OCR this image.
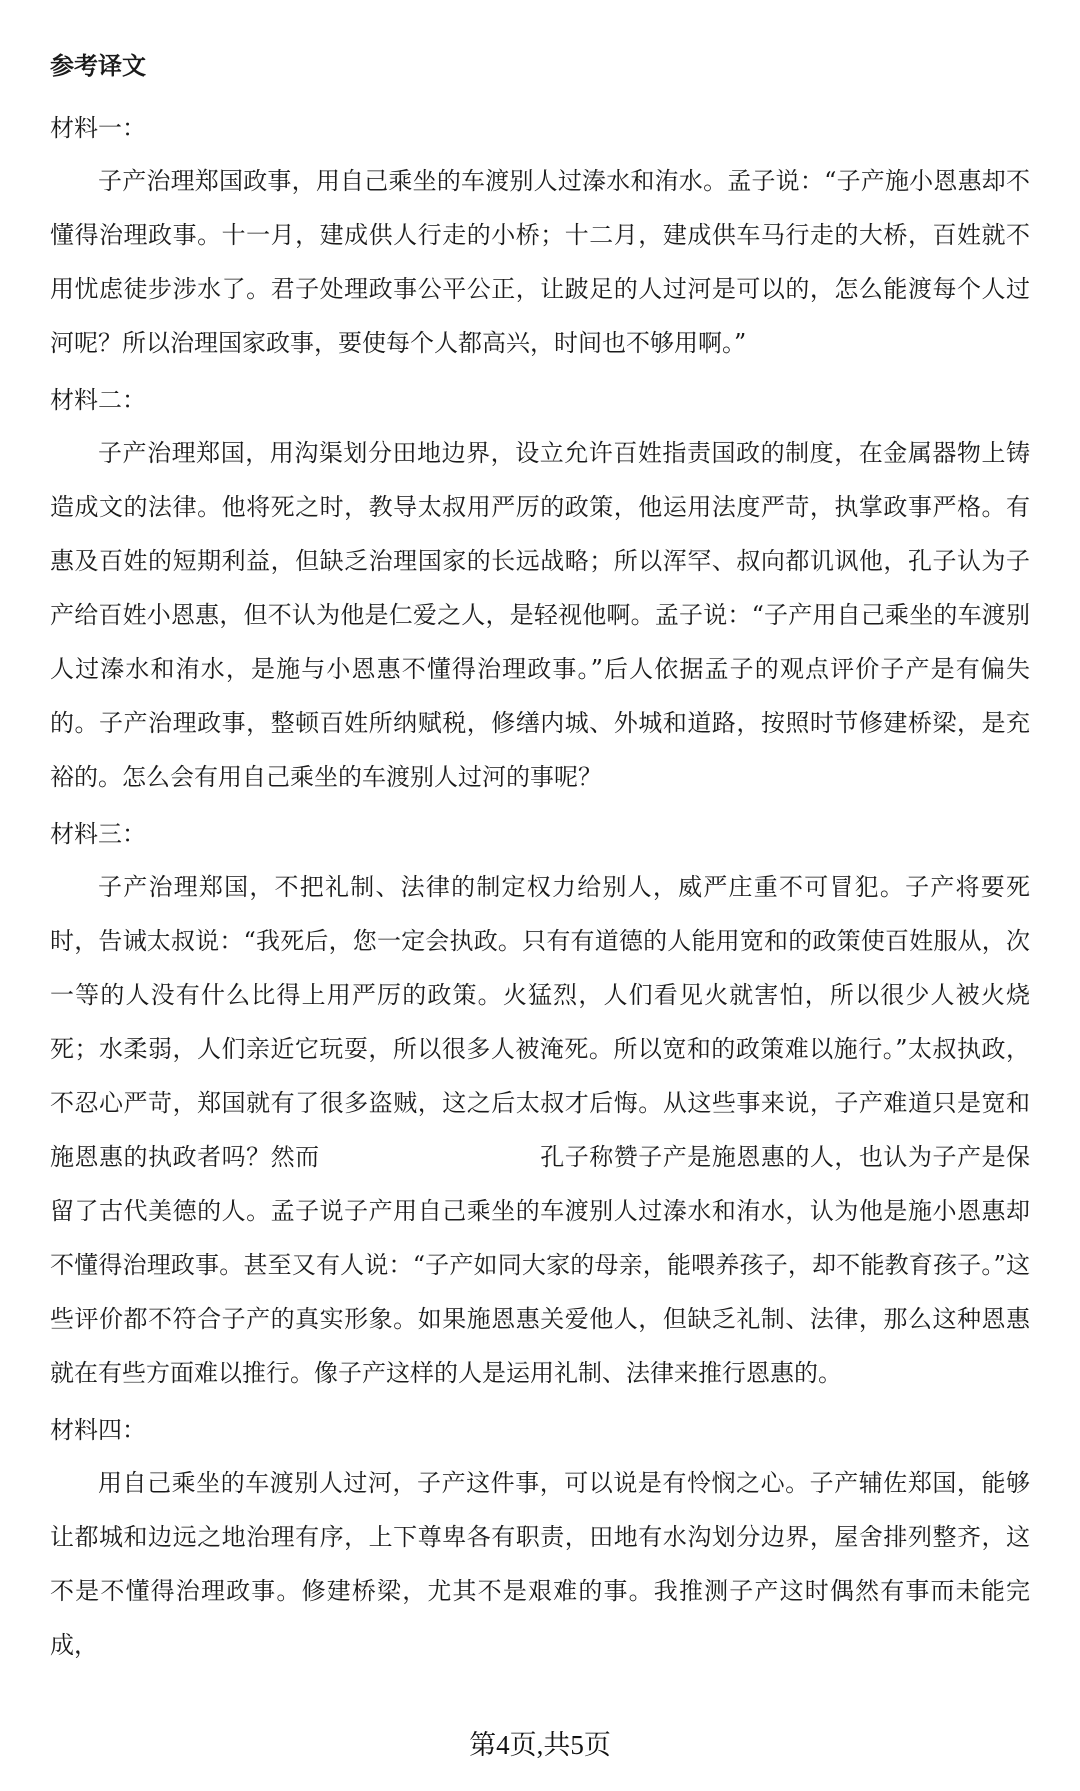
参考译文

材料一：

子产治理郑国政事，用自己乘坐的车渡别人过溱水和洧水。孟子说：“子产施小恩惠却不懂得治理政事。十一月，建成供人行走的小桥；十二月，建成供车马行走的大桥，百姓就不用忧虑徒步涉水了。君子处理政事公平公正，让跛足的人过河是可以的，怎么能渡每个人过河呢？所以治理国家政事，要使每个人都高兴，时间也不够用啊。”

材料二：

子产治理郑国，用沟渠划分田地边界，设立允许百姓指责国政的制度，在金属器物上铸造成文的法律。他将死之时，教导太叔用严厉的政策，他运用法度严苛，执掌政事严格。有惠及百姓的短期利益，但缺乏治理国家的长远战略；所以浑罕、叔向都讥讽他，孔子认为子产给百姓小恩惠，但不认为他是仁爱之人，是轻视他啊。孟子说：“子产用自己乘坐的车渡别人过溱水和洧水，是施与小恩惠不懂得治理政事。”后人依据孟子的观点评价子产是有偏失的。子产治理政事，整顿百姓所纳赋税，修缮内城、外城和道路，按照时节修建桥梁，是充裕的。怎么会有用自己乘坐的车渡别人过河的事呢？

材料三：

子产治理郑国，不把礼制、法律的制定权力给别人，威严庄重不可冒犯。子产将要死时，告诫太叔说：“我死后，您一定会执政。只有有道德的人能用宽和的政策使百姓服从，次一等的人没有什么比得上用严厉的政策。火猛烈，人们看见火就害怕，所以很少人被火烧死；水柔弱，人们亲近它玩耍，所以很多人被淹死。所以宽和的政策难以施行。”太叔执政，不忍心严苛，郑国就有了很多盗贼，这之后太叔才后悔。从这些事来说，子产难道只是宽和施恩惠的执政者吗？然而	孔子称赞子产是施恩惠的人，也认为子产是保留了古代美德的人。孟子说子产用自己乘坐的车渡别人过溱水和洧水，认为他是施小恩惠却不懂得治理政事。甚至又有人说：“子产如同大家的母亲，能喂养孩子，却不能教育孩子。”这些评价都不符合子产的真实形象。如果施恩惠关爱他人，但缺乏礼制、法律，那么这种恩惠就在有些方面难以推行。像子产这样的人是运用礼制、法律来推行恩惠的。

材料四：

用自己乘坐的车渡别人过河，子产这件事，可以说是有怜悯之心。子产辅佐郑国，能够让都城和边远之地治理有序，上下尊卑各有职责，田地有水沟划分边界，屋舍排列整齐，这不是不懂得治理政事。修建桥梁，尤其不是艰难的事。我推测子产这时偶然有事而未能完成，

第4页,共5页
